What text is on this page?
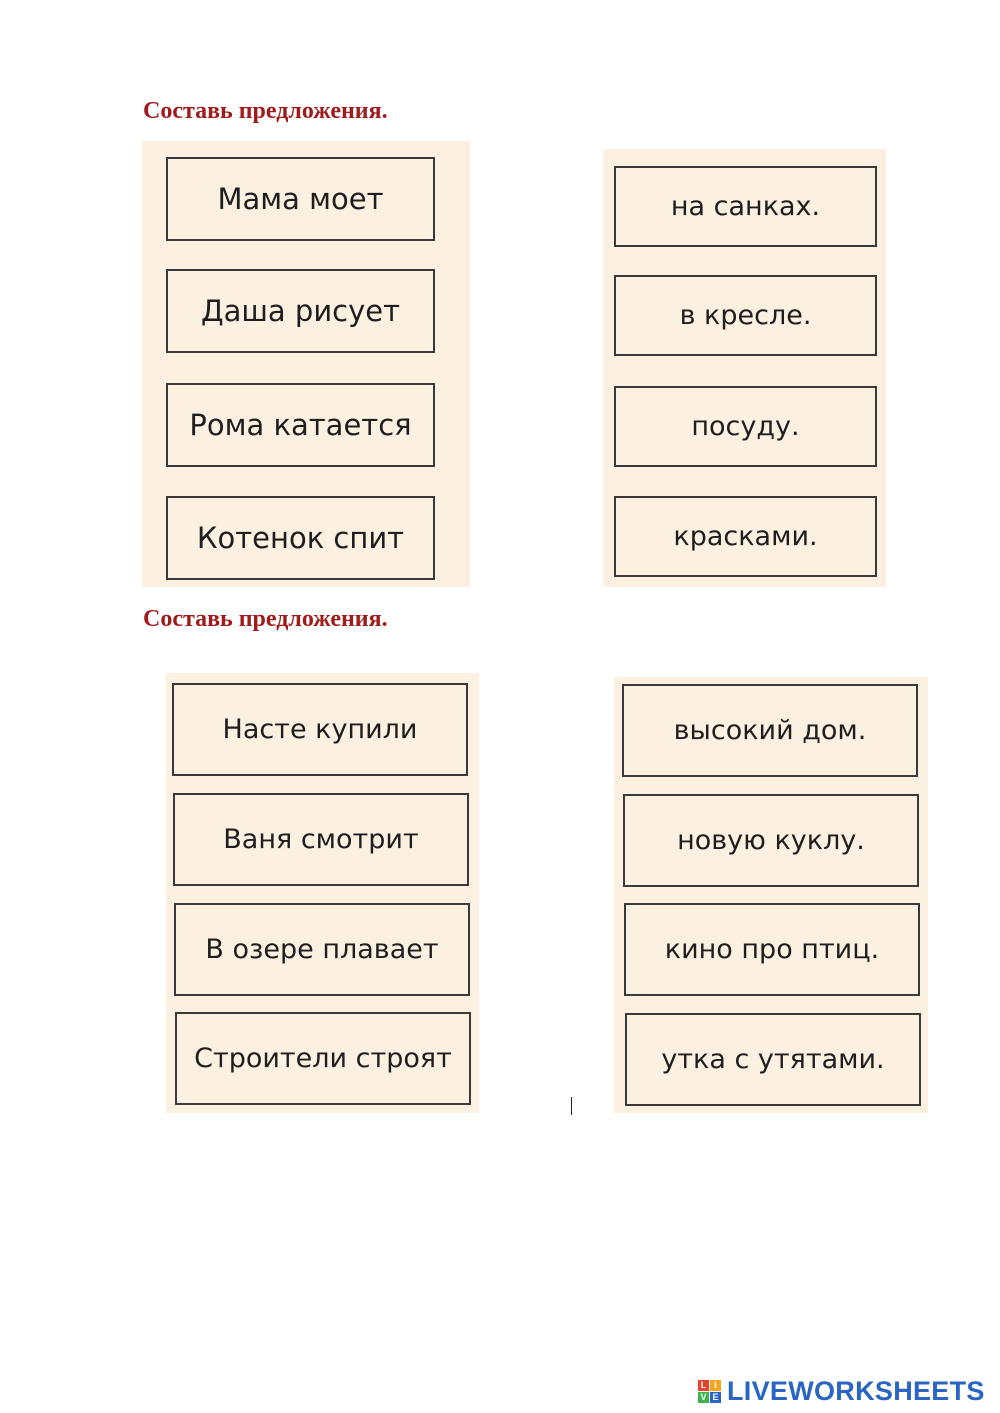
Составь предложения.
Мама моет
Даша рисует
Рома катается
Котенок спит
на санках.
в кресле.
посуду.
красками.
Составь предложения.
Насте купили
Ваня смотрит
В озере плавает
Строители строят
высокий дом.
новую куклу.
кино про птиц.
утка с утятами.
L I
V E LIVEWORKSHEETS
